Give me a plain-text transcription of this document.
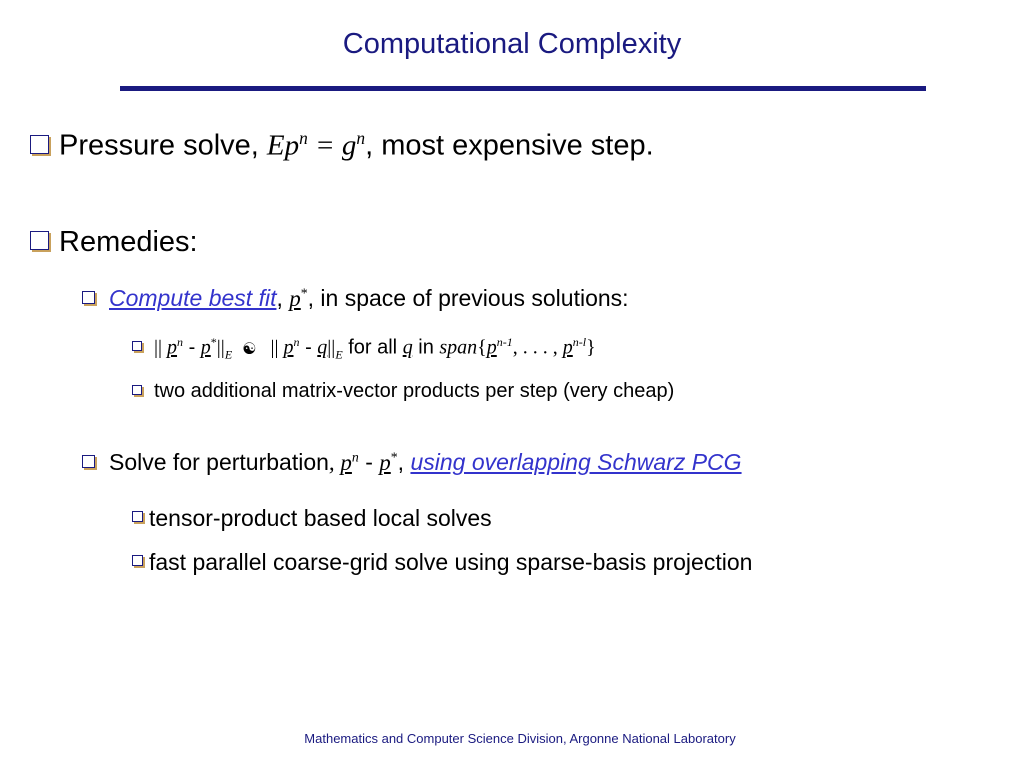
Computational Complexity
Pressure solve, $Ep^n = g^n$, most expensive step.
Remedies:
Compute best fit, p*, in space of previous solutions:
|| $p^n - p^*||_E$ ☯ || $p^n - q||_E$ for all q in $span\{p^{n-1}$, . . . , $p^{n-l}$}
two additional matrix-vector products per step (very cheap)
Solve for perturbation, $p^n - p^*$, using overlapping Schwarz PCG
tensor-product based local solves
fast parallel coarse-grid solve using sparse-basis projection
Mathematics and Computer Science Division, Argonne National Laboratory
